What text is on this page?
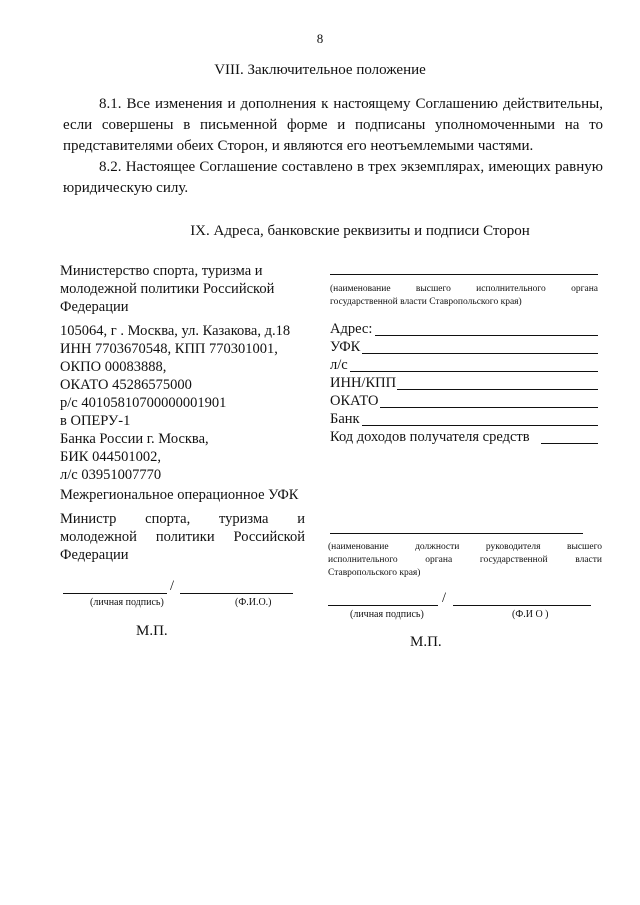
8
VIII. Заключительное положение
8.1. Все изменения и дополнения к настоящему Соглашению действительны,
если совершены в письменной форме и подписаны уполномоченными на то
представителями обеих Сторон, и являются его неотъемлемыми частями.
8.2. Настоящее Соглашение составлено в трех экземплярах, имеющих равную
юридическую силу.
IX. Адреса, банковские реквизиты и подписи Сторон
Министерство спорта, туризма и
молодежной политики Российской
Федерации
105064, г . Москва, ул. Казакова, д.18
ИНН 7703670548, КПП 770301001,
ОКПО 00083888,
ОКАТО 45286575000
р/с 40105810700000001901
в ОПЕРУ-1
Банка России г. Москва,
БИК 044501002,
л/с 03951007770
Межрегиональное операционное УФК
Министр спорта, туризма и
молодежной политики Российской
Федерации
/
(личная подпись)	(Ф.И.О.)
М.П.
(наименование высшего исполнительного органа
государственной власти Ставропольского края)
Адрес:
УФК
л/с
ИНН/КПП
ОКАТО
Банк
Код доходов получателя средств
(наименование должности руководителя высшего
исполнительного органа государственной власти
Ставропольского края)
/
(личная подпись)	(Ф.И О )
М.П.
